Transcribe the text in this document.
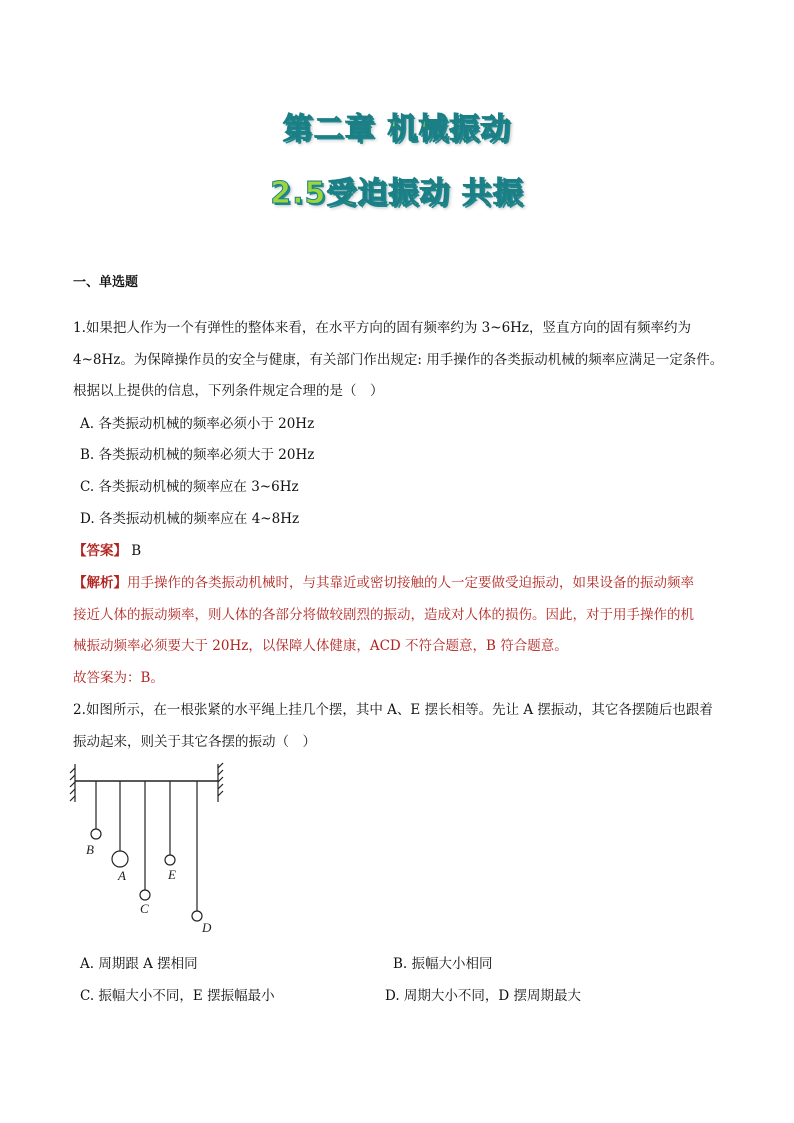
第二章 机械振动
2.5受迫振动 共振
一、单选题
1.如果把人作为一个有弹性的整体来看，在水平方向的固有频率约为 3~6Hz，竖直方向的固有频率约为
4~8Hz。为保障操作员的安全与健康，有关部门作出规定: 用手操作的各类振动机械的频率应满足一定条件。
根据以上提供的信息，下列条件规定合理的是（　）
A. 各类振动机械的频率必须小于 20Hz
B. 各类振动机械的频率必须大于 20Hz
C. 各类振动机械的频率应在 3~6Hz
D. 各类振动机械的频率应在 4~8Hz
【答案】 B
【解析】用手操作的各类振动机械时，与其靠近或密切接触的人一定要做受迫振动，如果设备的振动频率
接近人体的振动频率，则人体的各部分将做较剧烈的振动，造成对人体的损伤。因此，对于用手操作的机
械振动频率必须要大于 20Hz，以保障人体健康，ACD 不符合题意，B 符合题意。
故答案为：B。
2.如图所示，在一根张紧的水平绳上挂几个摆，其中 A、E 摆长相等。先让 A 摆振动，其它各摆随后也跟着
振动起来，则关于其它各摆的振动（　）
B
A
C
E
D
A. 周期跟 A 摆相同	B. 振幅大小相同
C. 振幅大小不同，E 摆振幅最小	D. 周期大小不同，D 摆周期最大
